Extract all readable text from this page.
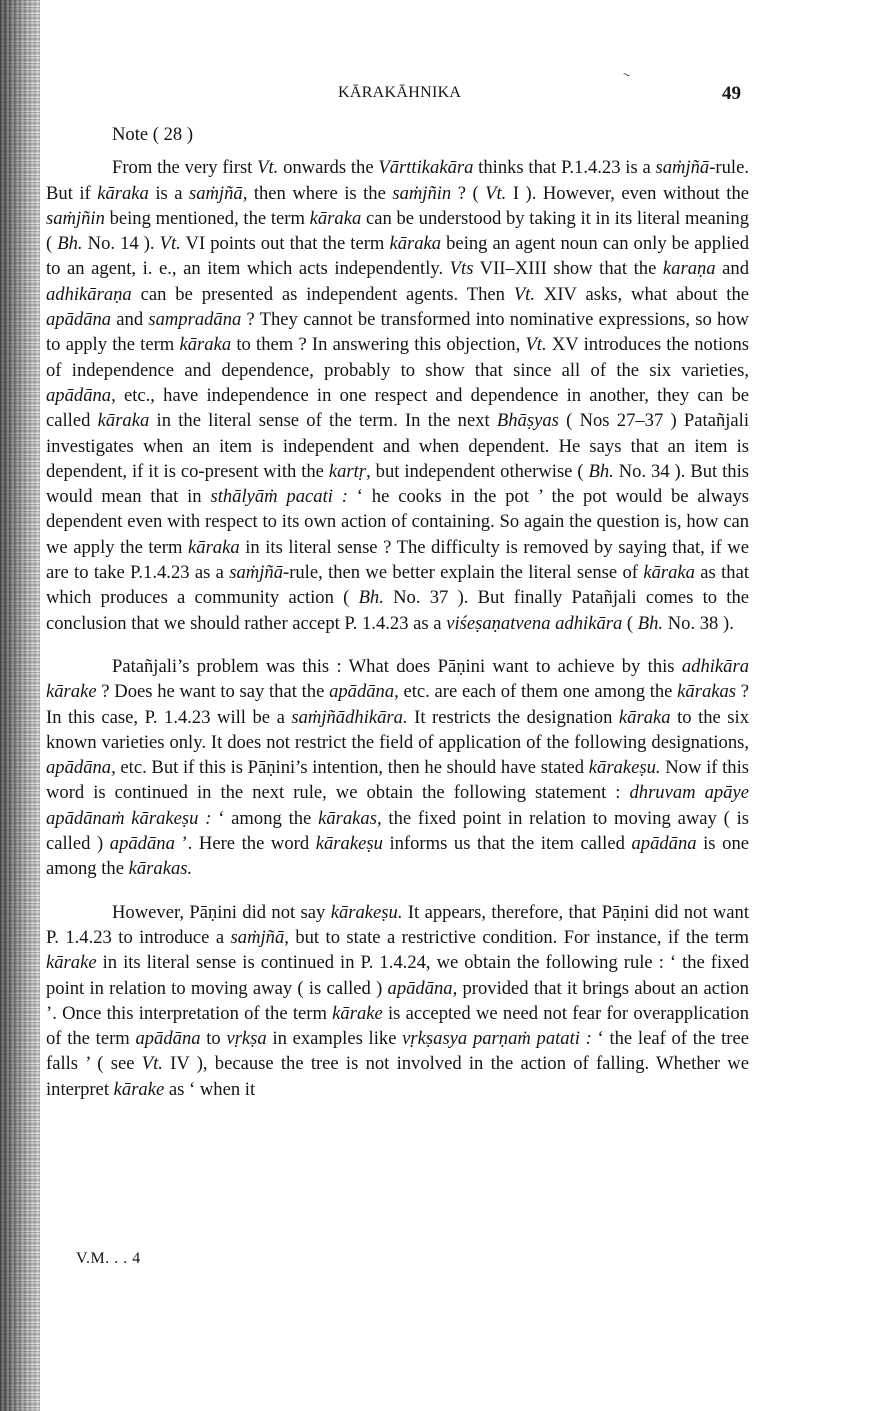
~
KĀRAKĀHNIKA	49

Note ( 28 )

From the very first Vt. onwards the Vārttikakāra thinks that P.1.4.23 is a saṁjñā-rule. But if kāraka is a saṁjñā, then where is the saṁjñin ? ( Vt. I ). However, even without the saṁjñin being mentioned, the term kāraka can be understood by taking it in its literal meaning ( Bh. No. 14 ). Vt. VI points out that the term kāraka being an agent noun can only be applied to an agent, i. e., an item which acts independently. Vts VII–XIII show that the karaṇa and adhikāraṇa can be presented as independent agents. Then Vt. XIV asks, what about the apādāna and sampradāna ? They cannot be transformed into nominative expressions, so how to apply the term kāraka to them ? In answering this objection, Vt. XV introduces the notions of independence and dependence, probably to show that since all of the six varieties, apādāna, etc., have independence in one respect and dependence in another, they can be called kāraka in the literal sense of the term. In the next Bhāṣyas ( Nos 27–37 ) Patañjali investigates when an item is independent and when dependent. He says that an item is dependent, if it is co-present with the kartṛ, but independent otherwise ( Bh. No. 34 ). But this would mean that in sthālyāṁ pacati : ‘ he cooks in the pot ’ the pot would be always dependent even with respect to its own action of containing. So again the question is, how can we apply the term kāraka in its literal sense ? The difficulty is removed by saying that, if we are to take P.1.4.23 as a saṁjñā-rule, then we better explain the literal sense of kāraka as that which produces a community action ( Bh. No. 37 ). But finally Patañjali comes to the conclusion that we should rather accept P. 1.4.23 as a viśeṣaṇatvena adhikāra ( Bh. No. 38 ).

Patañjali’s problem was this : What does Pāṇini want to achieve by this adhikāra kārake ? Does he want to say that the apādāna, etc. are each of them one among the kārakas ? In this case, P. 1.4.23 will be a saṁjñādhikāra. It restricts the designation kāraka to the six known varieties only. It does not restrict the field of application of the following designations, apādāna, etc. But if this is Pāṇini’s intention, then he should have stated kārakeṣu. Now if this word is continued in the next rule, we obtain the following statement : dhruvam apāye apādānaṁ kārakeṣu : ‘ among the kārakas, the fixed point in relation to moving away ( is called ) apādāna ’. Here the word kārakeṣu informs us that the item called apādāna is one among the kārakas.

However, Pāṇini did not say kārakeṣu. It appears, therefore, that Pāṇini did not want P. 1.4.23 to introduce a saṁjñā, but to state a restrictive condition. For instance, if the term kārake in its literal sense is continued in P. 1.4.24, we obtain the following rule : ‘ the fixed point in relation to moving away ( is called ) apādāna, provided that it brings about an action ’. Once this interpretation of the term kārake is accepted we need not fear for overapplication of the term apādāna to vṛkṣa in examples like vṛkṣasya parṇaṁ patati : ‘ the leaf of the tree falls ’ ( see Vt. IV ), because the tree is not involved in the action of falling. Whether we interpret kārake as ‘ when it

V.M. . . 4
